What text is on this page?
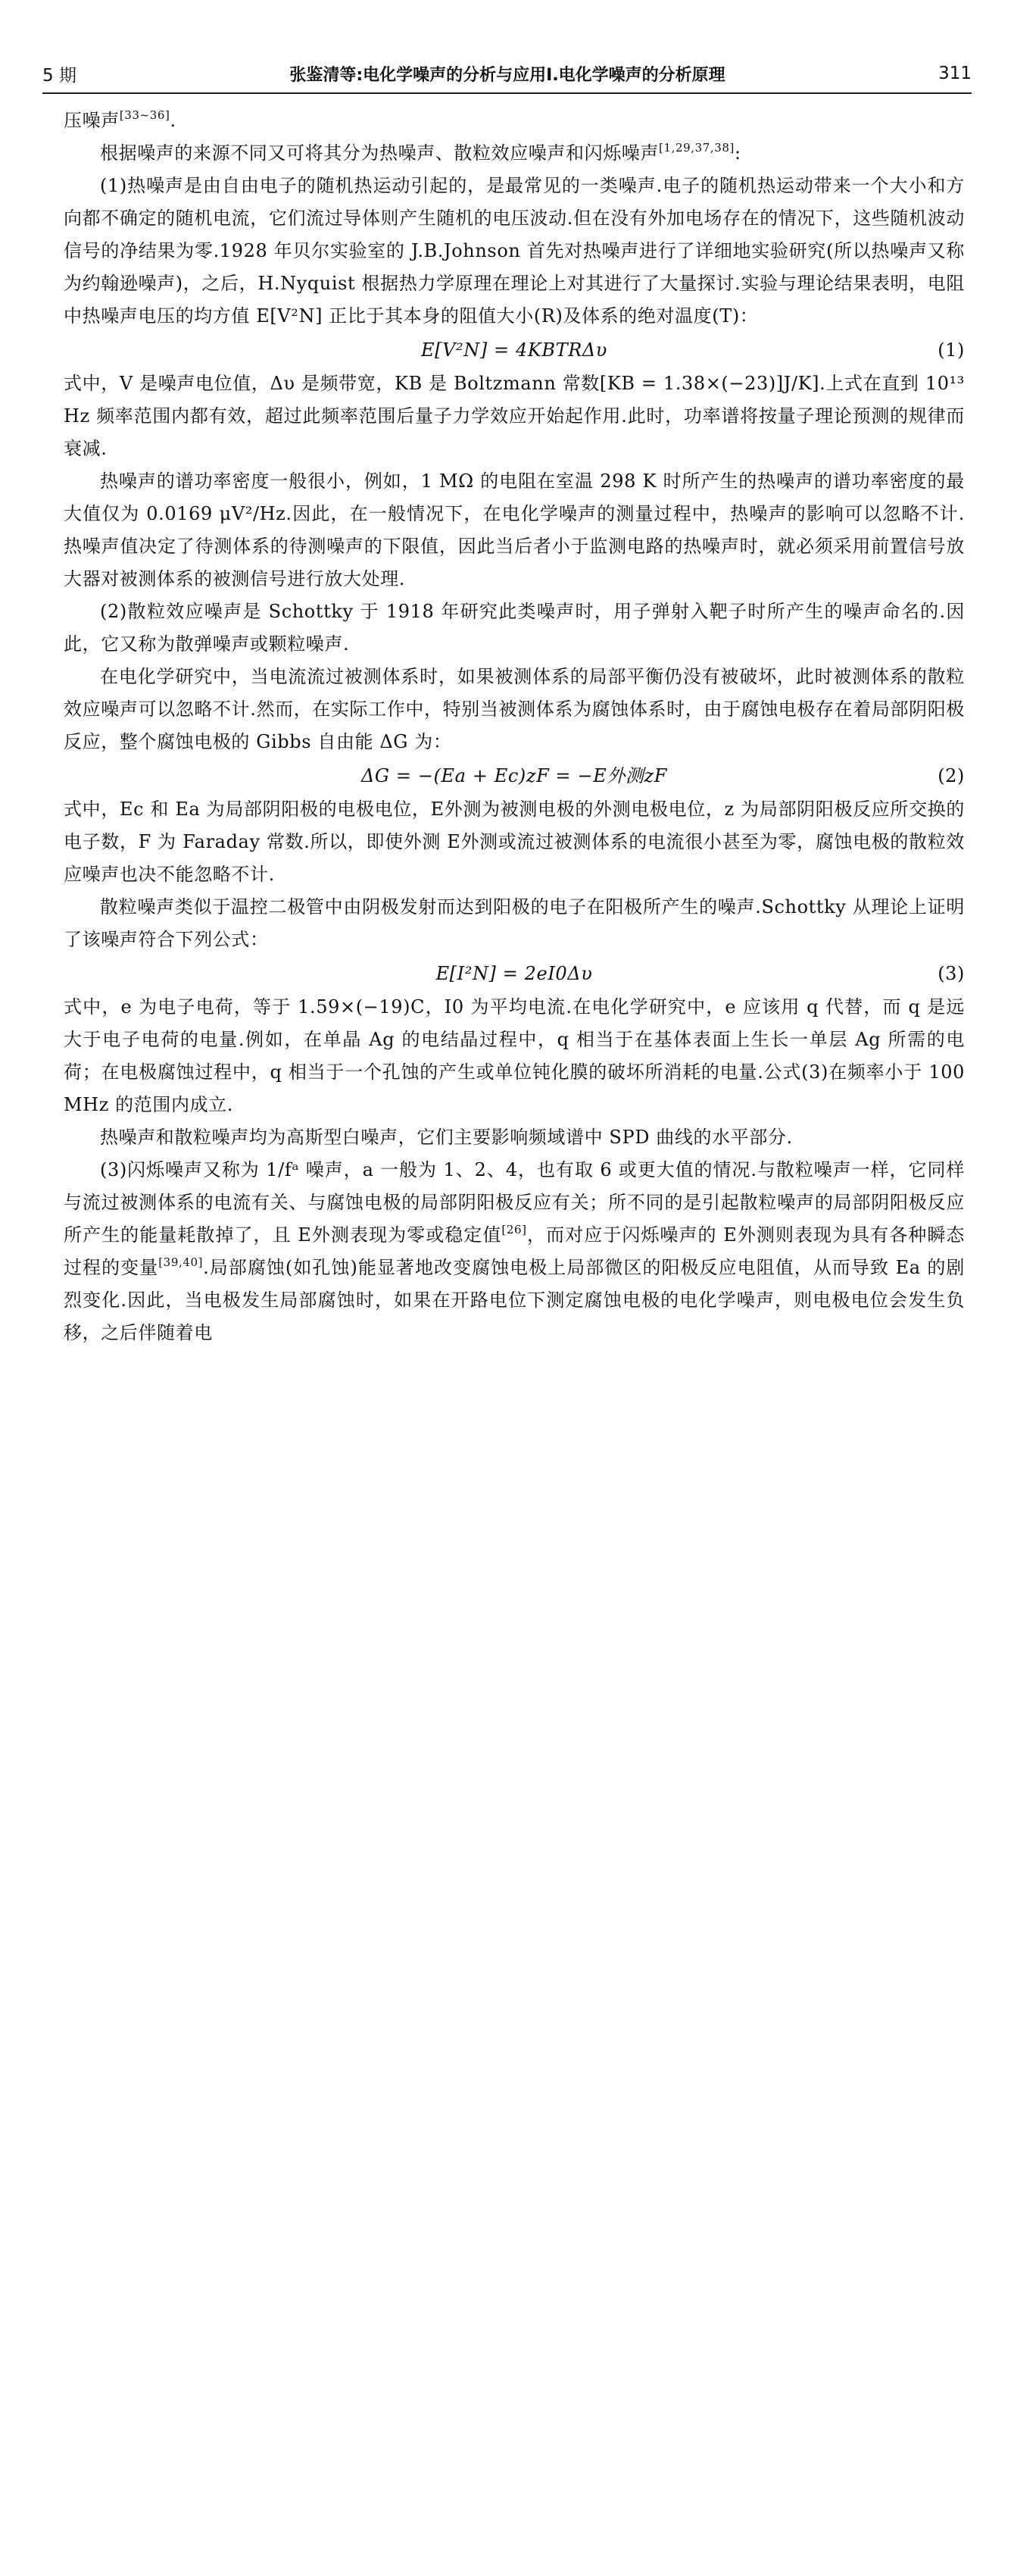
5 期	张鉴清等:电化学噪声的分析与应用Ⅰ.电化学噪声的分析原理	311

压噪声[33~36].

根据噪声的来源不同又可将其分为热噪声、散粒效应噪声和闪烁噪声[1,29,37,38]:

(1)热噪声是由自由电子的随机热运动引起的，是最常见的一类噪声.电子的随机热运动带来一个大小和方向都不确定的随机电流，它们流过导体则产生随机的电压波动.但在没有外加电场存在的情况下，这些随机波动信号的净结果为零.1928 年贝尔实验室的 J.B.Johnson 首先对热噪声进行了详细地实验研究(所以热噪声又称为约翰逊噪声)，之后，H.Nyquist 根据热力学原理在理论上对其进行了大量探讨.实验与理论结果表明，电阻中热噪声电压的均方值 E[V²N] 正比于其本身的阻值大小(R)及体系的绝对温度(T)：

E[V²N] = 4KBTRΔυ	(1)

式中，V 是噪声电位值，Δυ 是频带宽，KB 是 Boltzmann 常数[KB = 1.38×(−23)]J/K].上式在直到 10¹³ Hz 频率范围内都有效，超过此频率范围后量子力学效应开始起作用.此时，功率谱将按量子理论预测的规律而衰减.

热噪声的谱功率密度一般很小，例如，1 MΩ 的电阻在室温 298 K 时所产生的热噪声的谱功率密度的最大值仅为 0.0169 μV²/Hz.因此，在一般情况下，在电化学噪声的测量过程中，热噪声的影响可以忽略不计.热噪声值决定了待测体系的待测噪声的下限值，因此当后者小于监测电路的热噪声时，就必须采用前置信号放大器对被测体系的被测信号进行放大处理.

(2)散粒效应噪声是 Schottky 于 1918 年研究此类噪声时，用子弹射入靶子时所产生的噪声命名的.因此，它又称为散弹噪声或颗粒噪声.

在电化学研究中，当电流流过被测体系时，如果被测体系的局部平衡仍没有被破坏，此时被测体系的散粒效应噪声可以忽略不计.然而，在实际工作中，特别当被测体系为腐蚀体系时，由于腐蚀电极存在着局部阴阳极反应，整个腐蚀电极的 Gibbs 自由能 ΔG 为：

ΔG = −(Ea + Ec)zF = −E外测zF	(2)

式中，Ec 和 Ea 为局部阴阳极的电极电位，E外测为被测电极的外测电极电位，z 为局部阴阳极反应所交换的电子数，F 为 Faraday 常数.所以，即使外测 E外测或流过被测体系的电流很小甚至为零，腐蚀电极的散粒效应噪声也决不能忽略不计.

散粒噪声类似于温控二极管中由阴极发射而达到阳极的电子在阳极所产生的噪声.Schottky 从理论上证明了该噪声符合下列公式：

E[I²N] = 2eI0Δυ	(3)

式中，e 为电子电荷，等于 1.59×(−19)C，I0 为平均电流.在电化学研究中，e 应该用 q 代替，而 q 是远大于电子电荷的电量.例如，在单晶 Ag 的电结晶过程中，q 相当于在基体表面上生长一单层 Ag 所需的电荷；在电极腐蚀过程中，q 相当于一个孔蚀的产生或单位钝化膜的破坏所消耗的电量.公式(3)在频率小于 100 MHz 的范围内成立.

热噪声和散粒噪声均为高斯型白噪声，它们主要影响频域谱中 SPD 曲线的水平部分.

(3)闪烁噪声又称为 1/fᵃ 噪声，a 一般为 1、2、4，也有取 6 或更大值的情况.与散粒噪声一样，它同样与流过被测体系的电流有关、与腐蚀电极的局部阴阳极反应有关；所不同的是引起散粒噪声的局部阴阳极反应所产生的能量耗散掉了，且 E外测表现为零或稳定值[26]，而对应于闪烁噪声的 E外测则表现为具有各种瞬态过程的变量[39,40].局部腐蚀(如孔蚀)能显著地改变腐蚀电极上局部微区的阳极反应电阻值，从而导致 Ea 的剧烈变化.因此，当电极发生局部腐蚀时，如果在开路电位下测定腐蚀电极的电化学噪声，则电极电位会发生负移，之后伴随着电
